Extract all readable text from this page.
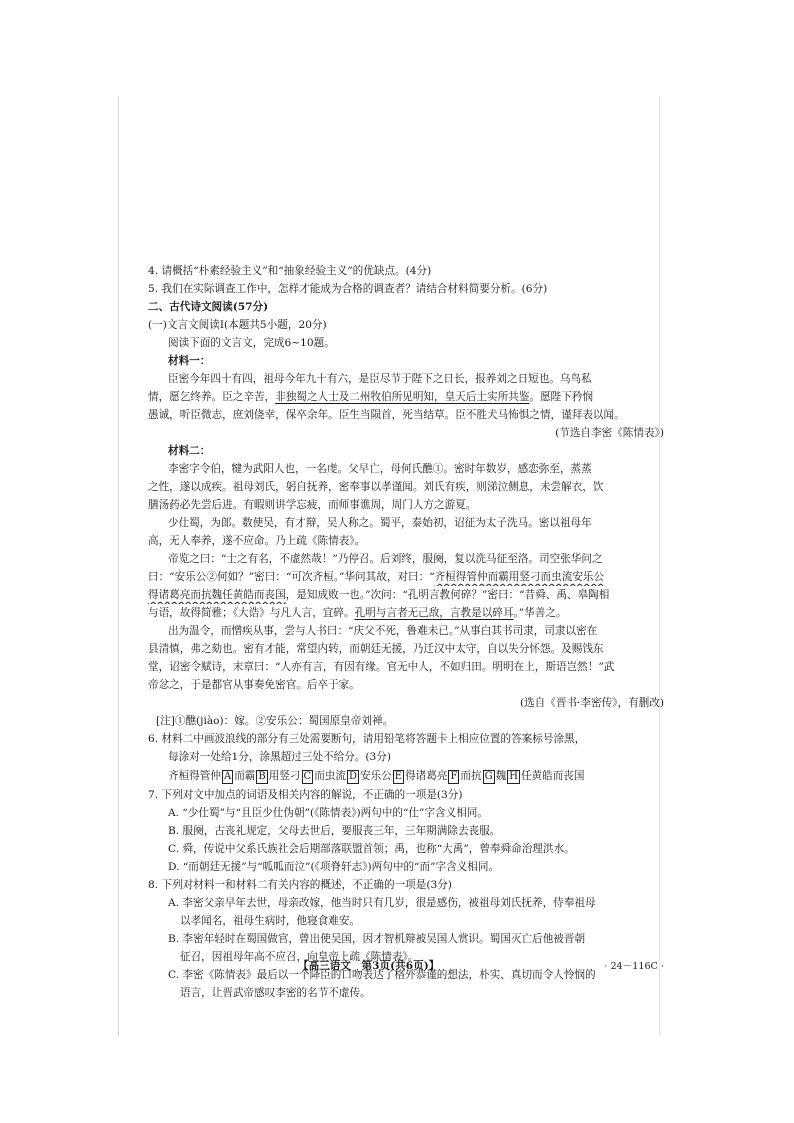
4. 请概括“朴素经验主义”和“抽象经验主义”的优缺点。(4分)
5. 我们在实际调查工作中，怎样才能成为合格的调查者？请结合材料简要分析。(6分)
二、古代诗文阅读(57分)
(一)文言文阅读Ⅰ(本题共5小题，20分)
阅读下面的文言文，完成6~10题。
材料一：
臣密今年四十有四，祖母今年九十有六，是臣尽节于陛下之日长，报养刘之日短也。乌鸟私
情，愿乞终养。臣之辛苦，非独蜀之人士及二州牧伯所见明知，皇天后土实所共鉴。愿陛下矜悯
愚诚，听臣微志，庶刘侥幸，保卒余年。臣生当陨首，死当结草。臣不胜犬马怖惧之情，谨拜表以闻。
(节选自李密《陈情表》)
材料二：
李密字令伯，犍为武阳人也，一名虔。父早亡，母何氏醮①。密时年数岁，感恋弥至，蒸蒸
之性，遂以成疾。祖母刘氏，躬自抚养，密奉事以孝谨闻。刘氏有疾，则涕泣侧息，未尝解衣，饮
膳汤药必先尝后进。有暇则讲学忘疲，而师事谯周，周门人方之游夏。
少仕蜀，为郎。数使吴，有才辩，吴人称之。蜀平，泰始初，诏征为太子洗马。密以祖母年
高，无人奉养，遂不应命。乃上疏《陈情表》。
帝览之曰：“士之有名，不虚然哉！”乃停召。后刘终，服阕，复以洗马征至洛。司空张华问之
曰：“安乐公②何如？”密曰：“可次齐桓。”华问其故，对曰：“齐桓得管仲而霸用竖刁而虫流安乐公
得诸葛亮而抗魏任黄皓而丧国，是知成败一也。”次问：“孔明言教何碎？”密曰：“昔舜、禹、皋陶相
与语，故得简雅；《大诰》与凡人言，宜碎。孔明与言者无己敌，言教是以碎耳。”华善之。
出为温令，而憎疾从事，尝与人书曰：“庆父不死，鲁难未已。”从事白其书司隶，司隶以密在
县清慎，弗之劾也。密有才能，常望内转，而朝廷无援，乃迁汉中太守，自以失分怀怨。及赐饯东
堂，诏密令赋诗，末章曰：“人亦有言，有因有缘。官无中人，不如归田。明明在上，斯语岂然！”武
帝忿之，于是都官从事奏免密官。后卒于家。
(选自《晋书·李密传》，有删改)
[注]①醮(jiào)：嫁。②安乐公：蜀国原皇帝刘禅。
6. 材料二中画波浪线的部分有三处需要断句，请用铅笔将答题卡上相应位置的答案标号涂黑，
每涂对一处给1分，涂黑超过三处不给分。(3分)
齐桓得管仲 A 而霸 B 用竖刁 C 而虫流 D 安乐公 E 得诸葛亮 F 而抗 G 魏 H 任黄皓而丧国
7. 下列对文中加点的词语及相关内容的解说，不正确的一项是(3分)
A. “少仕蜀”与“且臣少仕伪朝”(《陈情表》)两句中的“仕”字含义相同。
B. 服阕，古丧礼规定，父母去世后，要服丧三年，三年期满除去丧服。
C. 舜，传说中父系氏族社会后期部落联盟首领；禹，也称“大禹”，曾奉舜命治理洪水。
D. “而朝廷无援”与“呱呱而泣”(《项脊轩志》)两句中的“而”字含义相同。
8. 下列对材料一和材料二有关内容的概述，不正确的一项是(3分)
A. 李密父亲早年去世，母亲改嫁，他当时只有几岁，很是感伤，被祖母刘氏抚养，侍奉祖母
以孝闻名，祖母生病时，他寝食难安。
B. 李密年轻时在蜀国做官，曾出使吴国，因才智机辩被吴国人赏识。蜀国灭亡后他被晋朝
征召，因祖母年高不应召，向皇帝上疏《陈情表》。
C. 李密《陈情表》最后以一个降臣的口吻表达了格外恭谨的想法，朴实、真切而令人怜悯的
语言，让晋武帝感叹李密的名节不虚传。
【高三语文　第3页(共6页)】	· 24－116C ·
